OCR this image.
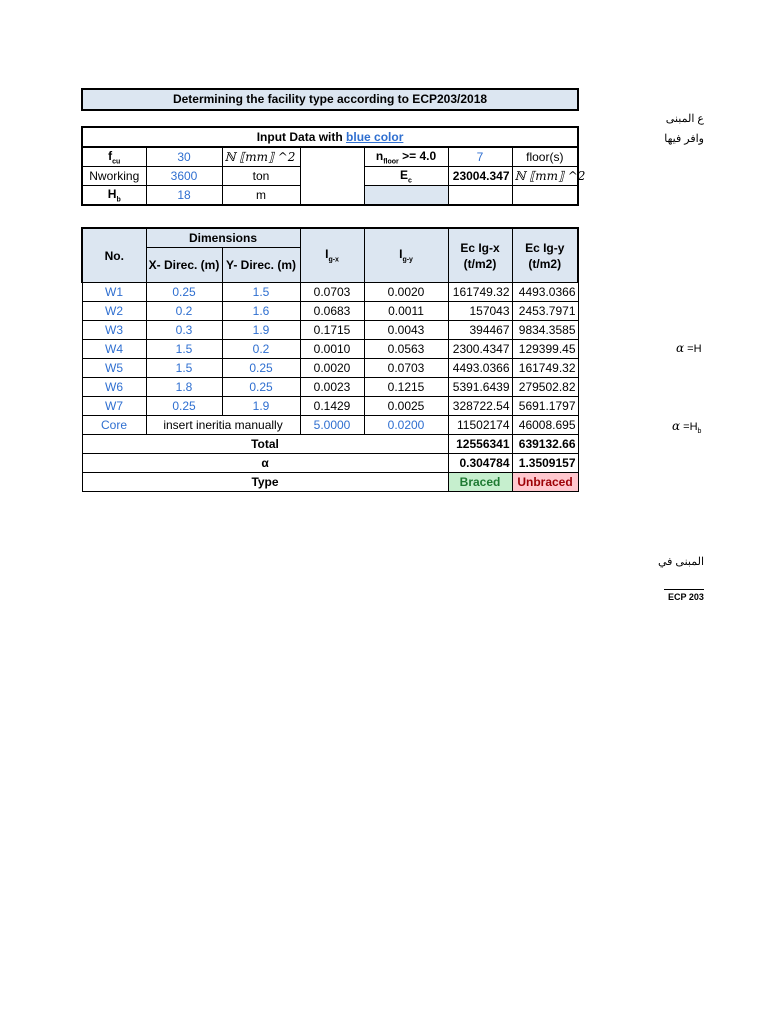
Determining the facility type according to ECP203/2018
Input Data with blue color						
$f_{cu}$	30	ℕ ⟦mm⟧ ^2		$n_{floor} >= 4.0$	7	floor(s)
Nworking	3600	ton		$E_c$	23004.347	ℕ ⟦mm⟧ ^2
$H_b$	18	m				
No.	Dimensions		$I_{g-x}$	$I_{g-y}$	Ec Ig-x (t/m2)	Ec Ig-y (t/m2)
	X- Direc. (m)	Y- Direc. (m)				
W1	0.25	1.5	0.0703	0.0020	161749.32	4493.0366
W2	0.2	1.6	0.0683	0.0011	157043	2453.7971
W3	0.3	1.9	0.1715	0.0043	394467	9834.3585
W4	1.5	0.2	0.0010	0.0563	2300.4347	129399.45
W5	1.5	0.25	0.0020	0.0703	4493.0366	161749.32
W6	1.8	0.25	0.0023	0.1215	5391.6439	279502.82
W7	0.25	1.9	0.1429	0.0025	328722.54	5691.1797
Core	insert ineritia manually		5.0000	0.0200	11502174	46008.695
Total					12556341	639132.66
α					0.304784	1.3509157
Type					Braced	Unbraced
ع المبنى
وافر فيها
α =H
$\alpha =H_b$
المبنى في
ECP 203
